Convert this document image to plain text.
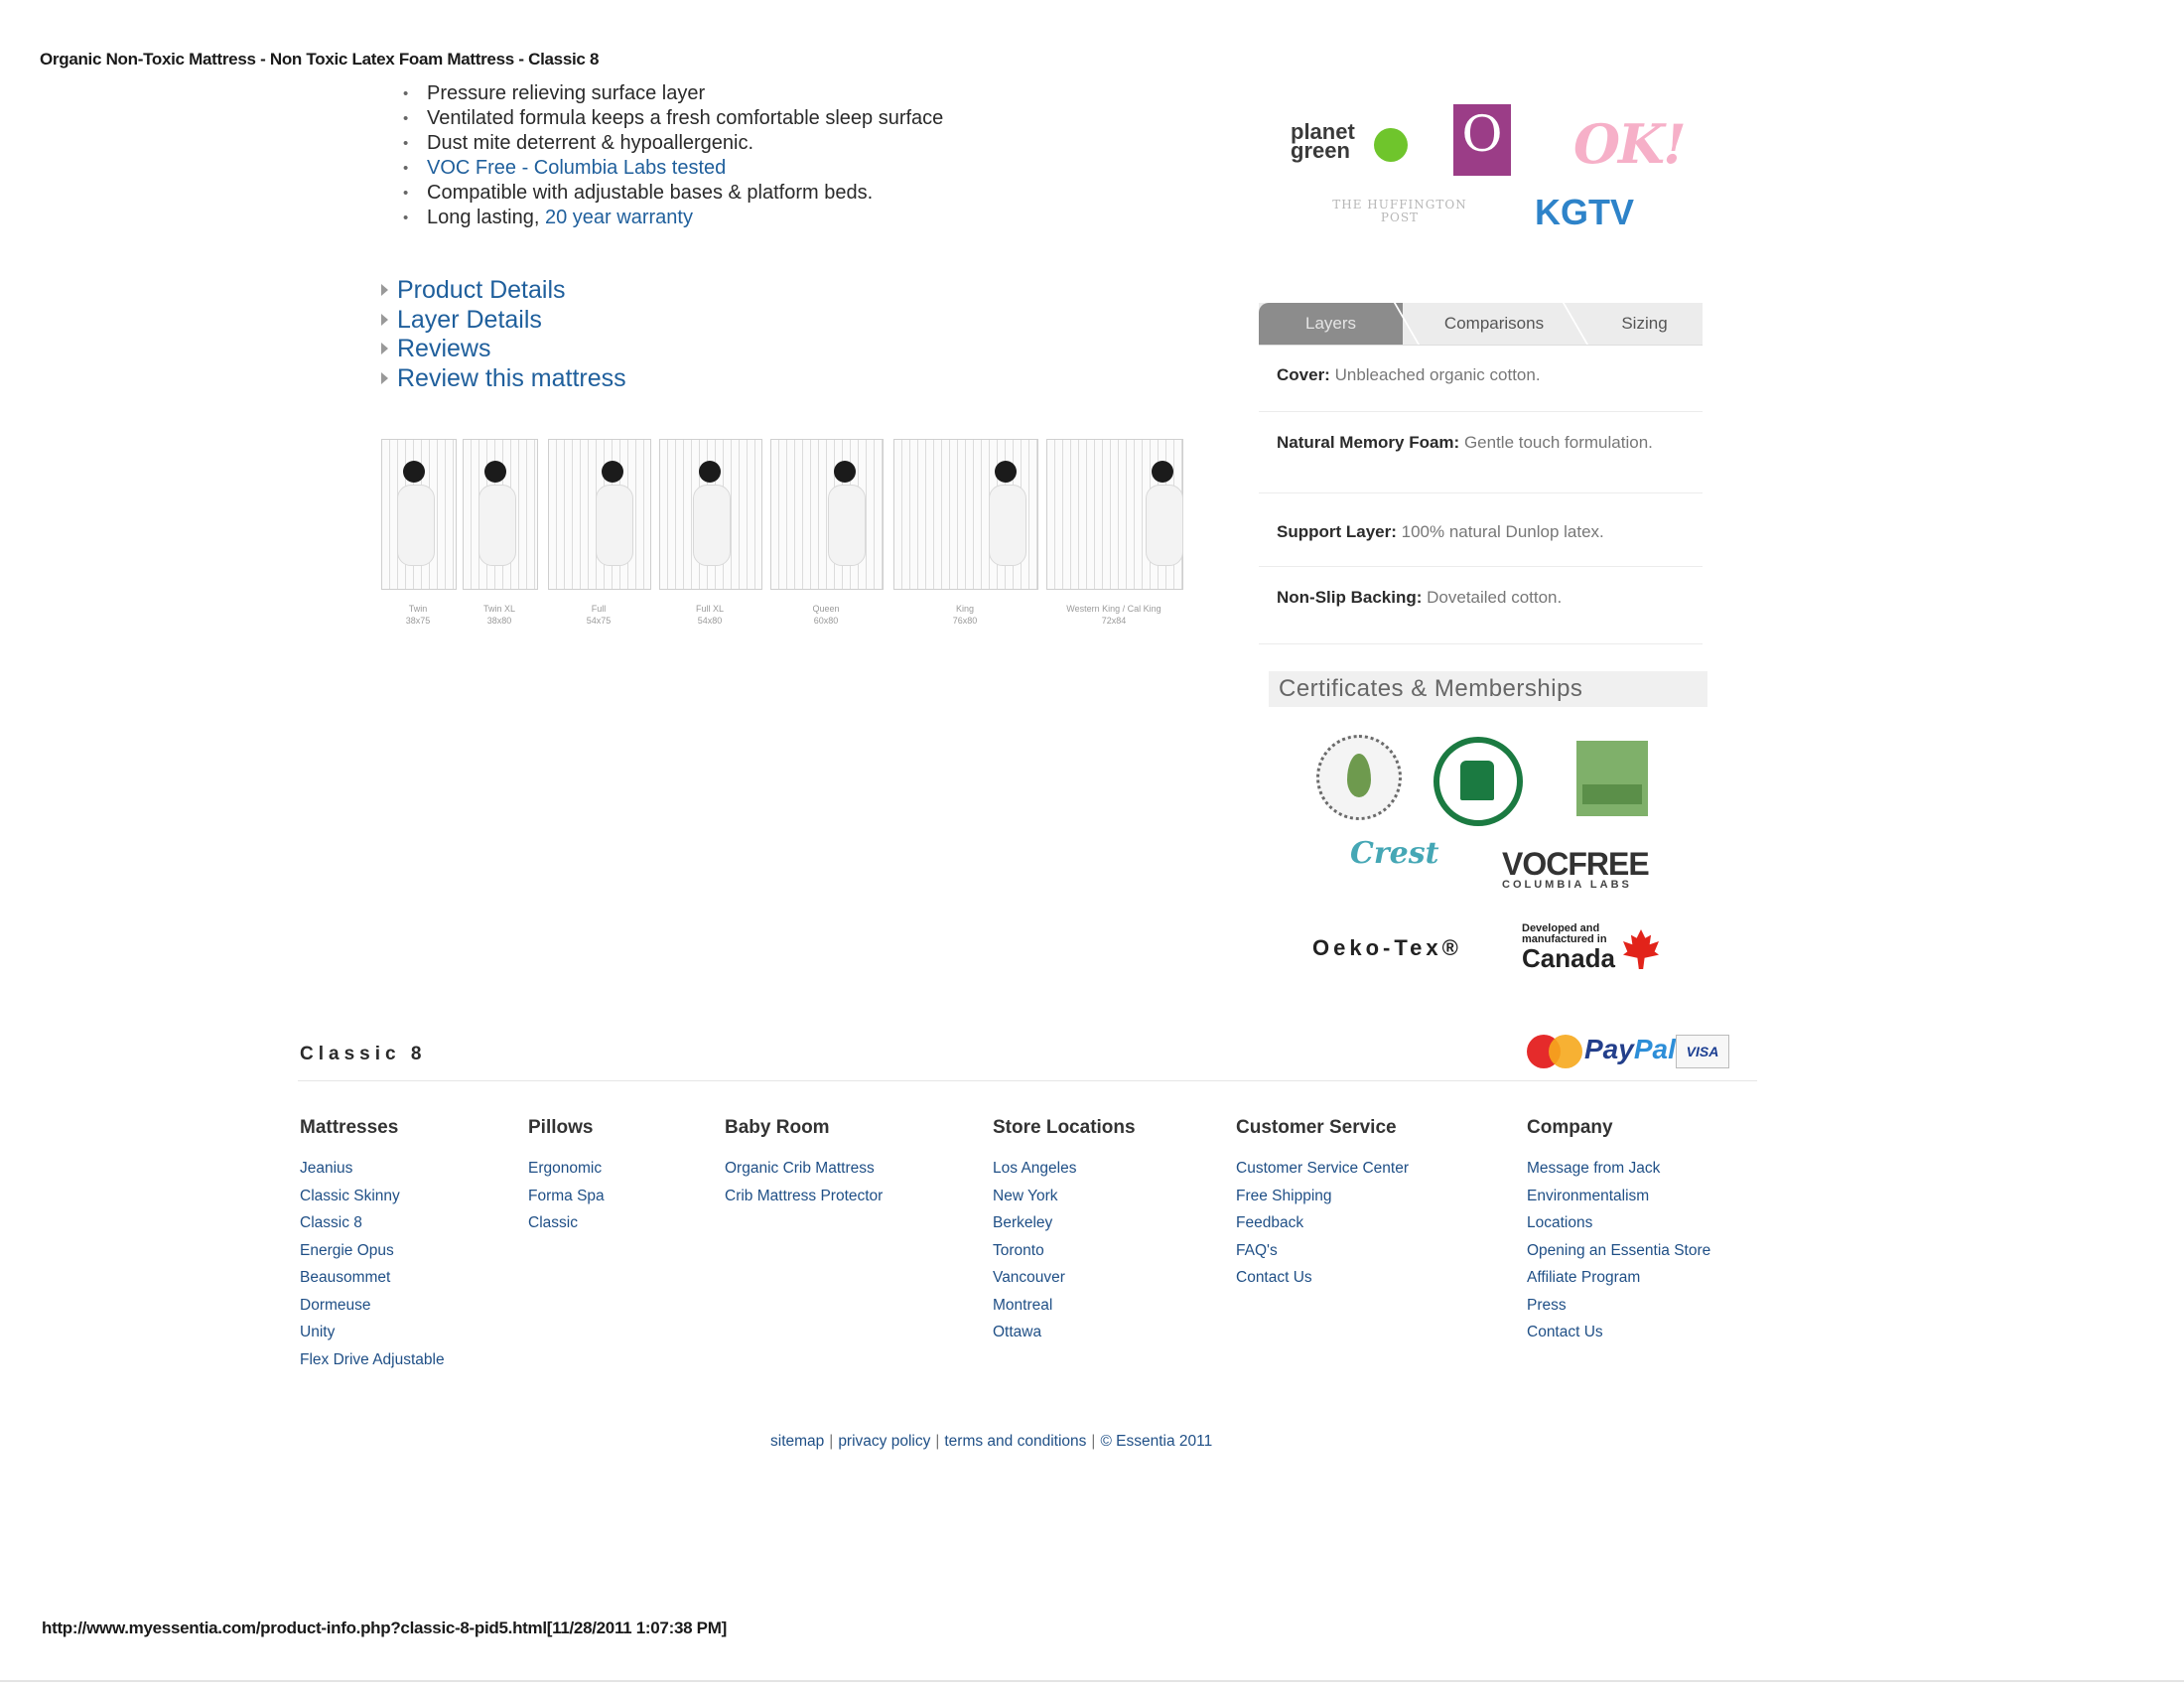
Organic Non-Toxic Mattress - Non Toxic Latex Foam Mattress - Classic 8
• Pressure relieving surface layer
• Ventilated formula keeps a fresh comfortable sleep surface
• Dust mite deterrent & hypoallergenic.
• VOC Free - Columbia Labs tested
• Compatible with adjustable bases & platform beds.
• Long lasting, 20 year warranty
Product Details
Layer Details
Reviews
Review this mattress
Twin
38x75
Twin XL
38x80
Full
54x75
Full XL
54x80
Queen
60x80
King
76x80
Western King / Cal King
72x84
planet green O OK!
THE HUFFINGTON POST	KGTV
Layers	Comparisons	Sizing
Cover: Unbleached organic cotton.
Natural Memory Foam: Gentle touch formulation.
Support Layer: 100% natural Dunlop latex.
Non-Slip Backing: Dovetailed cotton.
Certificates & Memberships
Crest	VOCFREE
COLUMBIA LABS
Oeko-Tex®
Developed and manufactured in
Canada
Classic 8	PayPal VISA
Mattresses
Jeanius
Classic Skinny
Classic 8
Energie Opus
Beausommet
Dormeuse
Unity
Flex Drive Adjustable
Pillows
Ergonomic
Forma Spa
Classic
Baby Room
Organic Crib Mattress
Crib Mattress Protector
Store Locations
Los Angeles
New York
Berkeley
Toronto
Vancouver
Montreal
Ottawa
Customer Service
Customer Service Center
Free Shipping
Feedback
FAQ's
Contact Us
Company
Message from Jack
Environmentalism
Locations
Opening an Essentia Store
Affiliate Program
Press
Contact Us
sitemap | privacy policy | terms and conditions | © Essentia 2011
http://www.myessentia.com/product-info.php?classic-8-pid5.html[11/28/2011 1:07:38 PM]
